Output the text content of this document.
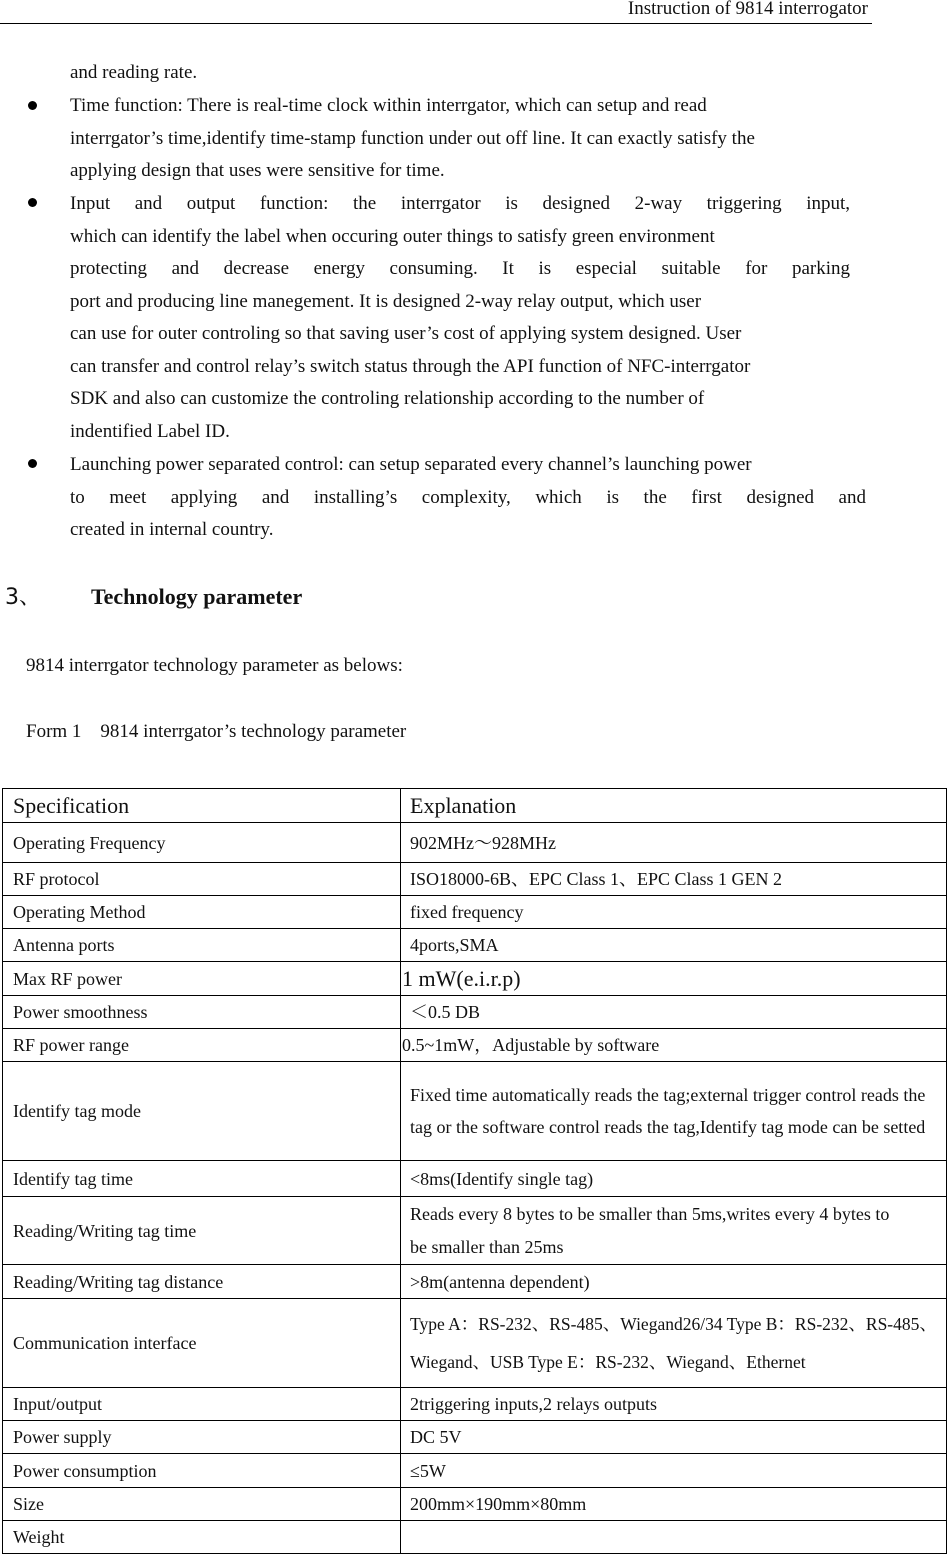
Instruction of 9814 interrogator
and reading rate.
Time function: There is real-time clock within interrgator, which can setup and read
interrgator’s time,identify time-stamp function under out off line. It can exactly satisfy the
applying design that uses were sensitive for time.
Input and output function: the interrgator is designed 2-way triggering input,
which can identify the label when occuring outer things to satisfy green environment
protecting and decrease energy consuming. It is especial suitable for parking
port and producing line manegement. It is designed 2-way relay output, which user
can use for outer controling so that saving user’s cost of applying system designed. User
can transfer and control relay’s switch status through the API function of NFC-interrgator
SDK and also can customize the controling relationship according to the number of
indentified Label ID.
Launching power separated control: can setup separated every channel’s launching power
to meet applying and installing’s complexity, which is the first designed and
created in internal country.
3、 Technology parameter
9814 interrgator technology parameter as belows:
Form 1    9814 interrgator’s technology parameter
Specification	Explanation
Operating Frequency	902MHz～928MHz
RF protocol	ISO18000-6B、EPC Class 1、EPC Class 1 GEN 2
Operating Method	fixed frequency
Antenna ports	4ports,SMA
Max RF power	1 mW(e.i.r.p)
Power smoothness	＜0.5 DB
RF power range	0.5~1mW，Adjustable by software
Identify tag mode	Fixed time automatically reads the tag;external trigger control reads the tag or the software control reads the tag,Identify tag mode can be setted
Identify tag time	<8ms(Identify single tag)
Reading/Writing tag time	Reads every 8 bytes to be smaller than 5ms,writes every 4 bytes to be smaller than 25ms
Reading/Writing tag distance	>8m(antenna dependent)
Communication interface	Type A：RS-232、RS-485、Wiegand26/34 Type B：RS-232、RS-485、Wiegand、USB Type E：RS-232、Wiegand、Ethernet
Input/output	2triggering inputs,2 relays outputs
Power supply	DC 5V
Power consumption	≤5W
Size	200mm×190mm×80mm
Weight	
